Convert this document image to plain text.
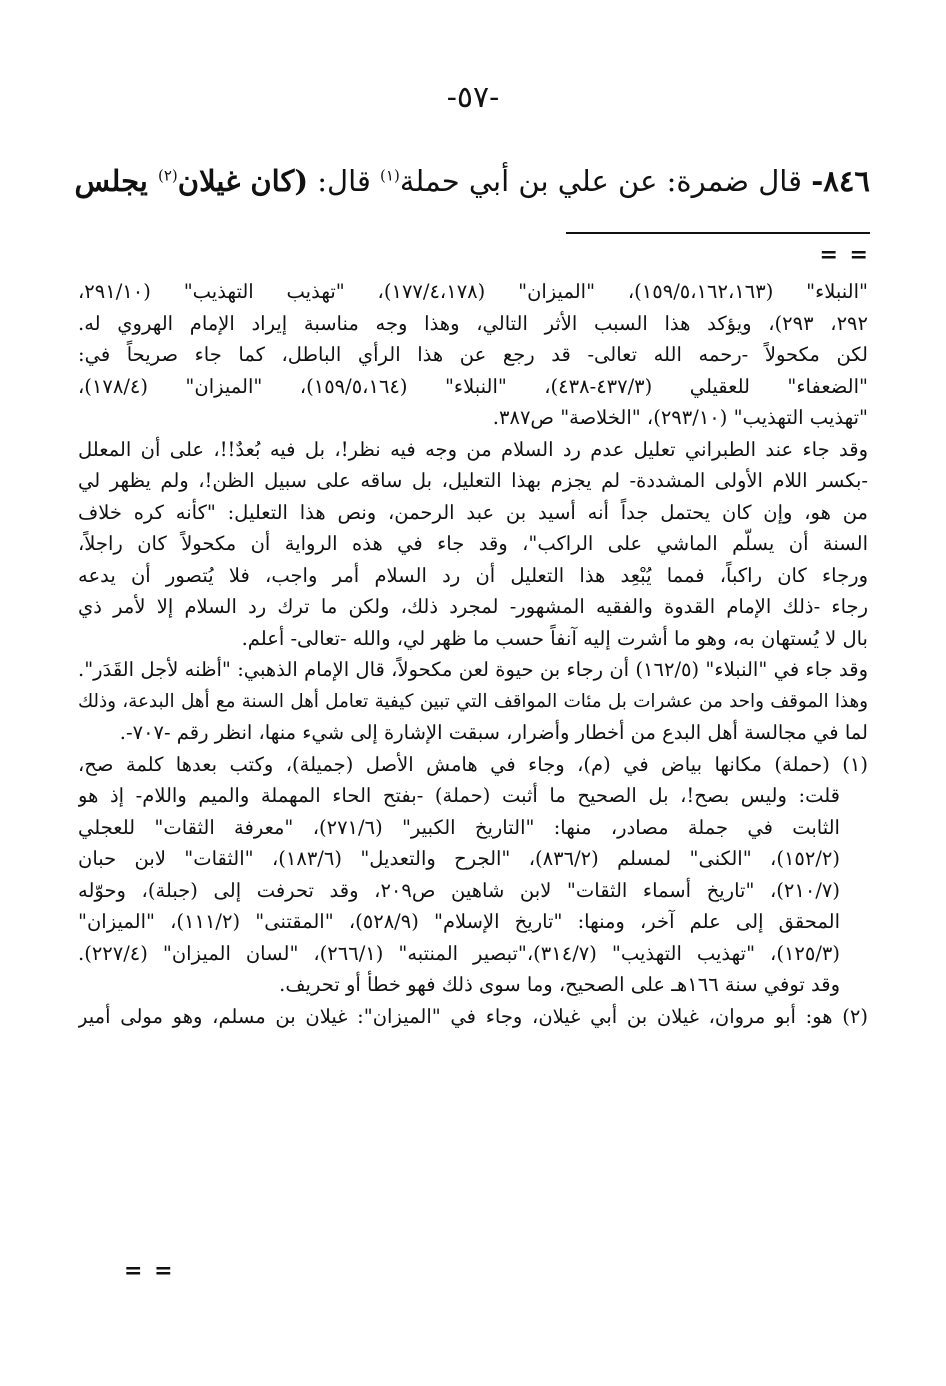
-٥٧-
٨٤٦- قال ضمرة: عن علي بن أبي حملة$^{(١)}$ قال: (كان غيلان$^{(٢)}$ يجلس
= =
"النبلاء" (١٥٩/٥،١٦٢،١٦٣)، "الميزان" (١٧٧/٤،١٧٨)، "تهذيب التهذيب" (٢٩١/١٠،
٢٩٢، ٢٩٣)، ويؤكد هذا السبب الأثر التالي، وهذا وجه مناسبة إيراد الإمام الهروي له.
لكن مكحولاً -رحمه الله تعالى- قد رجع عن هذا الرأي الباطل، كما جاء صريحاً في:
"الضعفاء" للعقيلي (٤٣٧/٣-٤٣٨)، "النبلاء" (١٥٩/٥،١٦٤)، "الميزان" (١٧٨/٤)،
"تهذيب التهذيب" (٢٩٣/١٠)، "الخلاصة" ص٣٨٧.
وقد جاء عند الطبراني تعليل عدم رد السلام من وجه فيه نظر!، بل فيه بُعدٌ!!، على أن المعلل
-بكسر اللام الأولى المشددة- لم يجزم بهذا التعليل، بل ساقه على سبيل الظن!، ولم يظهر لي
من هو، وإن كان يحتمل جداً أنه أسيد بن عبد الرحمن، ونص هذا التعليل: "كأنه كره خلاف
السنة أن يسلّم الماشي على الراكب"، وقد جاء في هذه الرواية أن مكحولاً كان راجلاً،
ورجاء كان راكباً، فمما يُبْعِد هذا التعليل أن رد السلام أمر واجب، فلا يُتصور أن يدعه
رجاء -ذلك الإمام القدوة والفقيه المشهور- لمجرد ذلك، ولكن ما ترك رد السلام إلا لأمر ذي
بال لا يُستهان به، وهو ما أشرت إليه آنفاً حسب ما ظهر لي، والله -تعالى- أعلم.
وقد جاء في "النبلاء" (١٦٢/٥) أن رجاء بن حيوة لعن مكحولاً، قال الإمام الذهبي: "أظنه لأجل القَدَر".
وهذا الموقف واحد من عشرات بل مئات المواقف التي تبين كيفية تعامل أهل السنة مع أهل البدعة، وذلك
لما في مجالسة أهل البدع من أخطار وأضرار، سبقت الإشارة إلى شيء منها، انظر رقم -٧٠٧-.
(١) (حملة) مكانها بياض في (م)، وجاء في هامش الأصل (جميلة)، وكتب بعدها كلمة صح،
قلت: وليس بصح!، بل الصحيح ما أثبت (حملة) -بفتح الحاء المهملة والميم واللام- إذ هو
الثابت في جملة مصادر، منها: "التاريخ الكبير" (٢٧١/٦)، "معرفة الثقات" للعجلي
(١٥٢/٢)، "الكنى" لمسلم (٨٣٦/٢)، "الجرح والتعديل" (١٨٣/٦)، "الثقات" لابن حبان
(٢١٠/٧)، "تاريخ أسماء الثقات" لابن شاهين ص٢٠٩، وقد تحرفت إلى (جبلة)، وحوّله
المحقق إلى علم آخر، ومنها: "تاريخ الإسلام" (٥٢٨/٩)، "المقتنى" (١١١/٢)، "الميزان"
(١٢٥/٣)، "تهذيب التهذيب" (٣١٤/٧)،"تبصير المنتبه" (٢٦٦/١)، "لسان الميزان" (٢٢٧/٤).
وقد توفي سنة ١٦٦هـ على الصحيح، وما سوى ذلك فهو خطأ أو تحريف.
(٢) هو: أبو مروان، غيلان بن أبي غيلان، وجاء في "الميزان": غيلان بن مسلم، وهو مولى أمير
= =
